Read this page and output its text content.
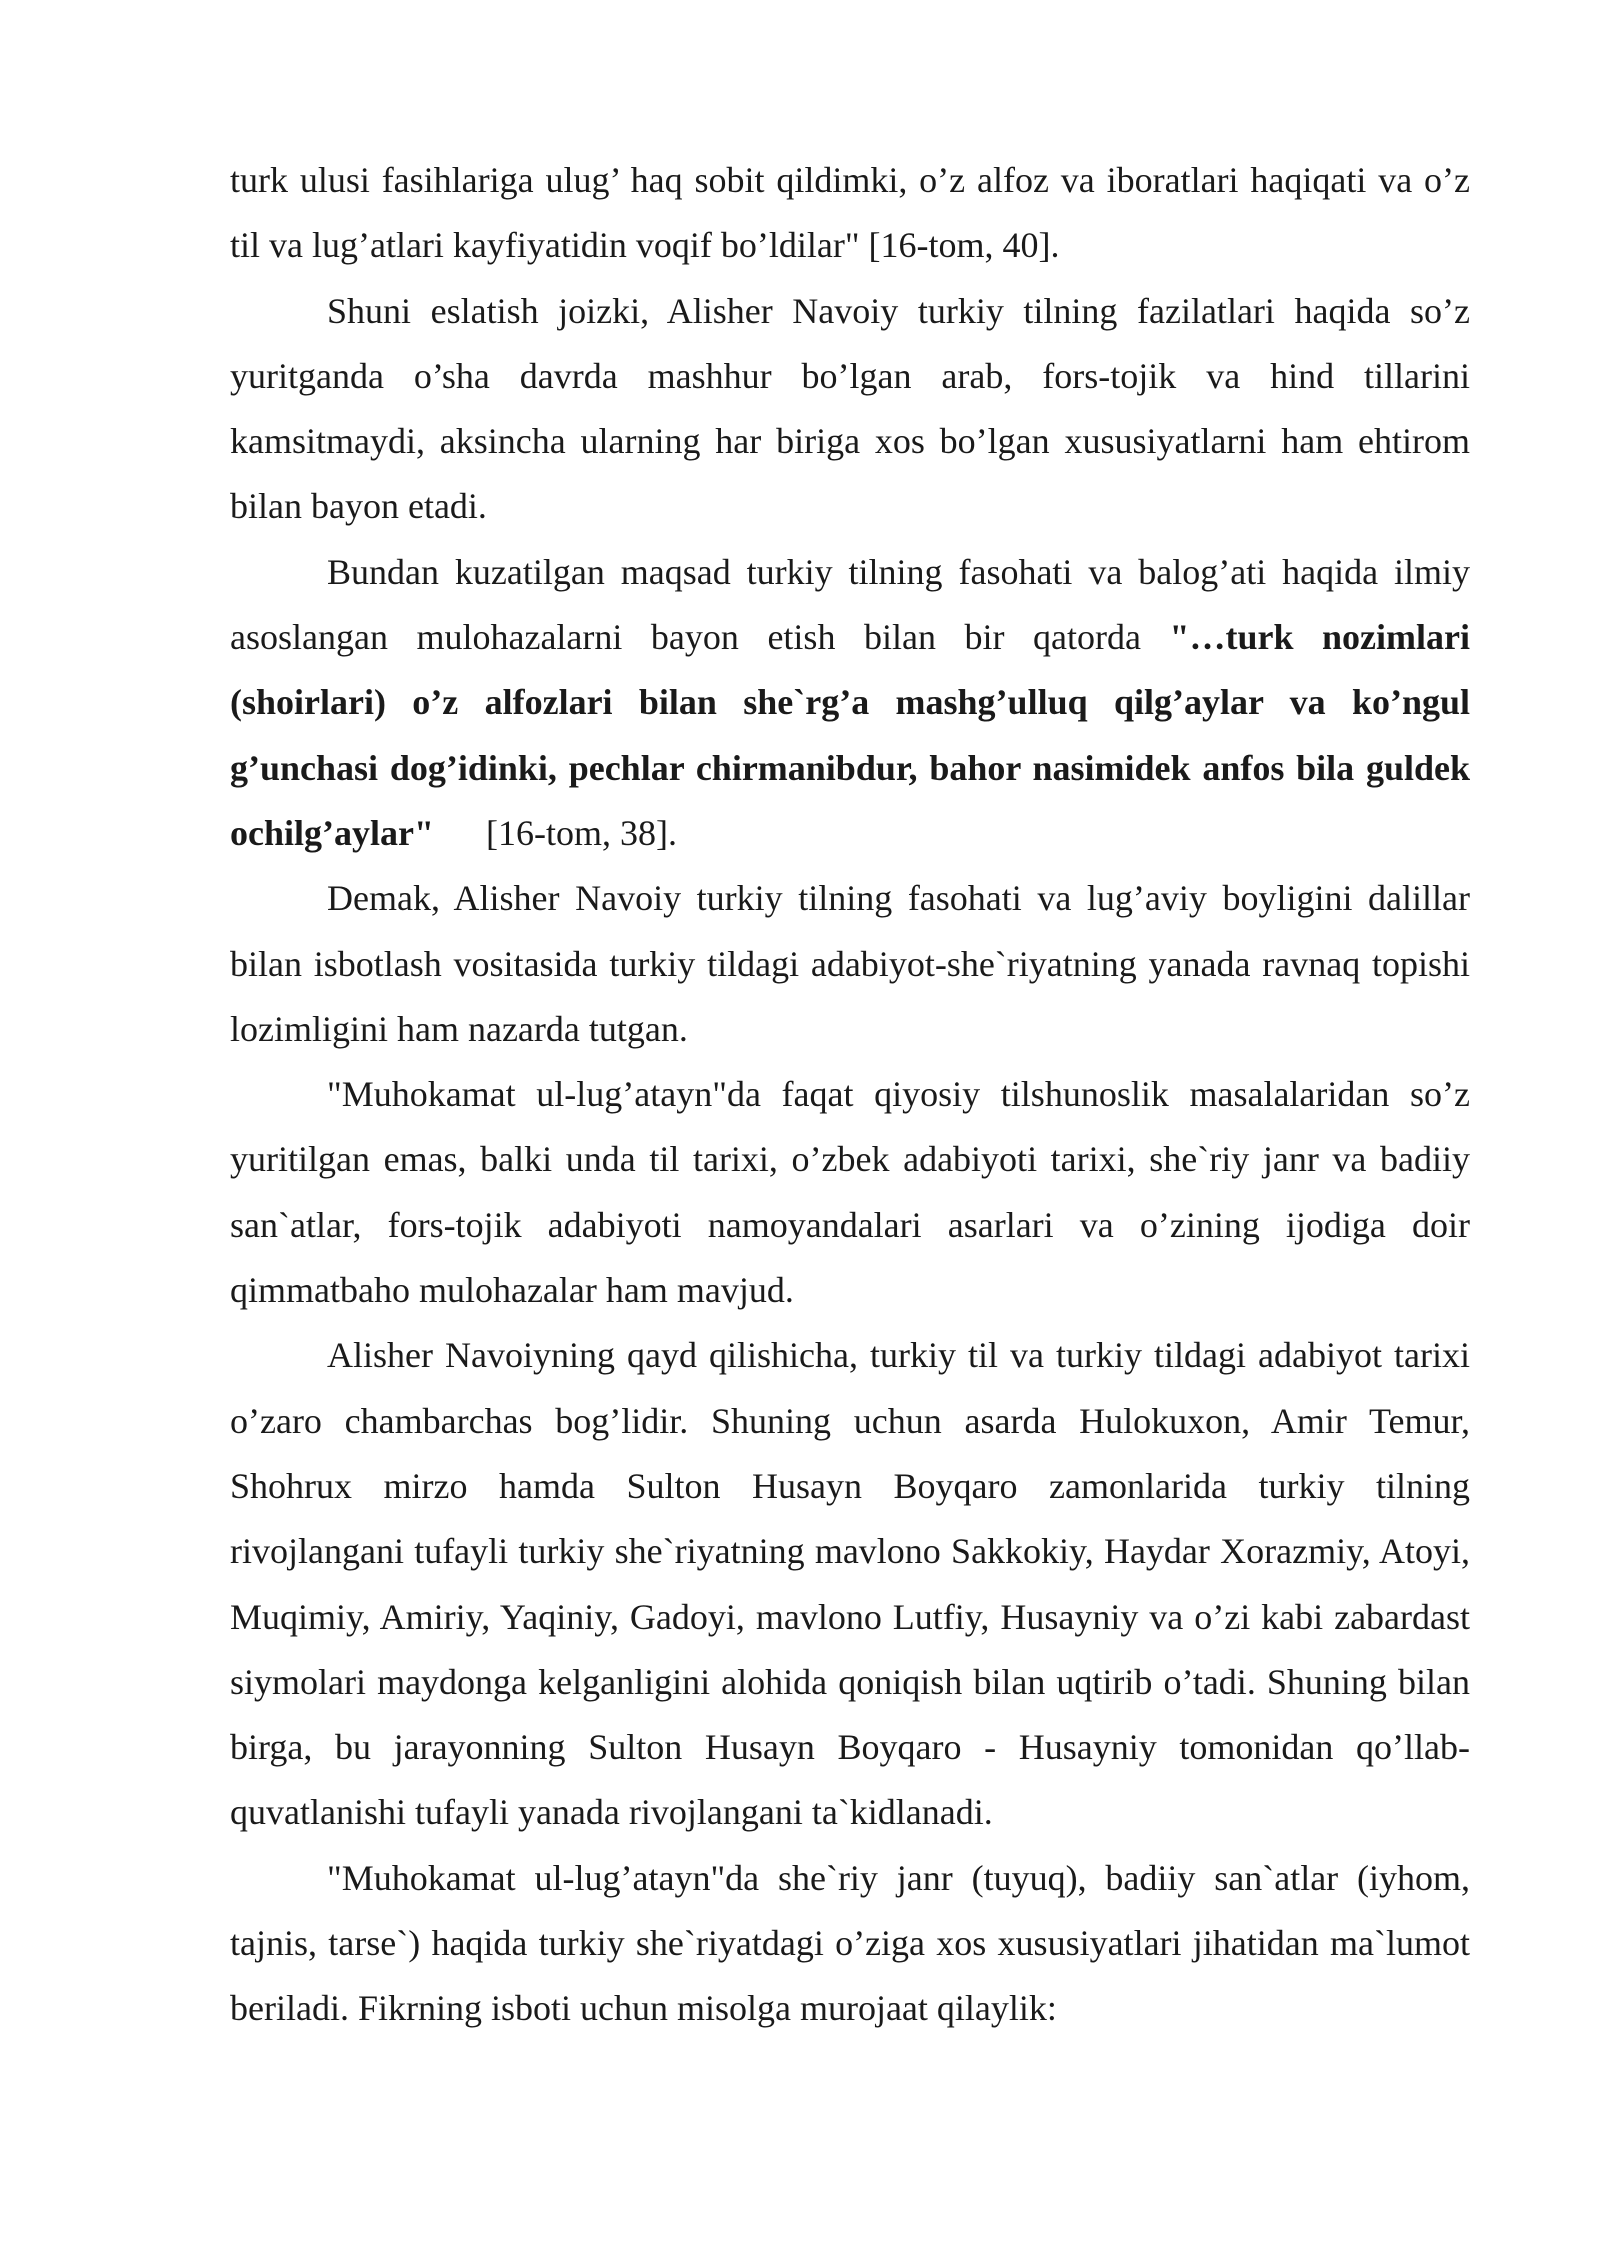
turk ulusi fasihlariga ulug’ haq sobit qildimki, o’z alfoz va iboratlari haqiqati va o’z til va lug’atlari kayfiyatidin voqif bo’ldilar" [16-tom, 40].

Shuni eslatish joizki, Alisher Navoiy turkiy tilning fazilatlari haqida so’z yuritganda o’sha davrda mashhur bo’lgan arab, fors-tojik va hind tillarini kamsitmaydi, aksincha ularning har biriga xos bo’lgan xususiyatlarni ham ehtirom bilan bayon etadi.

Bundan kuzatilgan maqsad turkiy tilning fasohati va balog’ati haqida ilmiy asoslangan mulohazalarni bayon etish bilan bir qatorda "…turk nozimlari (shoirlari) o’z alfozlari bilan she`rg’a mashg’ulluq qilg’aylar va ko’ngul g’unchasi dog’idinki, pechlar chirmanibdur, bahor nasimidek anfos bila guldek ochilg’aylar" [16-tom, 38].

Demak, Alisher Navoiy turkiy tilning fasohati va lug’aviy boyligini dalillar bilan isbotlash vositasida turkiy tildagi adabiyot-she`riyatning yanada ravnaq topishi lozimligini ham nazarda tutgan.

"Muhokamat ul-lug’atayn"da faqat qiyosiy tilshunoslik masalalaridan so’z yuritilgan emas, balki unda til tarixi, o’zbek adabiyoti tarixi, she`riy janr va badiiy san`atlar, fors-tojik adabiyoti namoyandalari asarlari va o’zining ijodiga doir qimmatbaho mulohazalar ham mavjud.

Alisher Navoiyning qayd qilishicha, turkiy til va turkiy tildagi adabiyot tarixi o’zaro chambarchas bog’lidir. Shuning uchun asarda Hulokuxon, Amir Temur, Shohrux mirzo hamda Sulton Husayn Boyqaro zamonlarida turkiy tilning rivojlangani tufayli turkiy she`riyatning mavlono Sakkokiy, Haydar Xorazmiy, Atoyi, Muqimiy, Amiriy, Yaqiniy, Gadoyi, mavlono Lutfiy, Husayniy va o’zi kabi zabardast siymolari maydonga kelganligini alohida qoniqish bilan uqtirib o’tadi. Shuning bilan birga, bu jarayonning Sulton Husayn Boyqaro - Husayniy tomonidan qo’llab-quvatlanishi tufayli yanada rivojlangani ta`kidlanadi.

"Muhokamat ul-lug’atayn"da she`riy janr (tuyuq), badiiy san`atlar (iyhom, tajnis, tarse`) haqida turkiy she`riyatdagi o’ziga xos xususiyatlari jihatidan ma`lumot beriladi. Fikrning isboti uchun misolga murojaat qilaylik:
